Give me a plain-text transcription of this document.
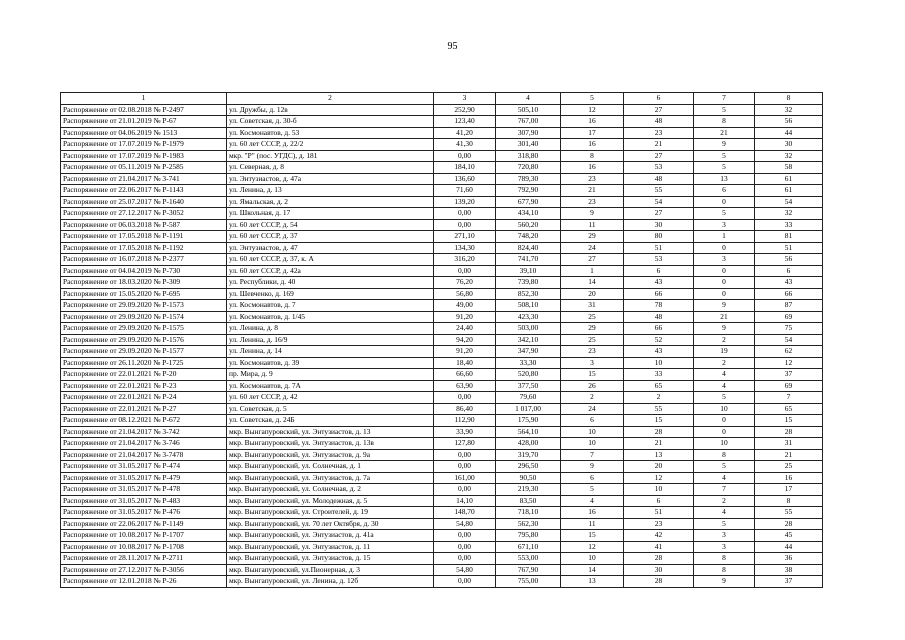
95
1	2	3	4	5	6	7	8
Распоряжение от 02.08.2018 № Р-2497	ул. Дружбы, д. 12в	252,90	505,10	12	27	5	32
Распоряжение от 21.01.2019 № Р-67	ул. Советская, д. 30-б	123,40	767,00	16	48	8	56
Распоряжение от 04.06.2019 № 1513	ул. Космонавтов, д. 53	41,20	307,90	17	23	21	44
Распоряжение от 17.07.2019 № Р-1979	ул. 60 лет СССР, д. 22/2	41,30	301,40	16	21	9	30
Распоряжение от 17.07.2019 № Р-1983	мкр. "Р" (пос. УГДС), д. 181	0,00	318,80	8	27	5	32
Распоряжение от 05.11.2019 № Р-2585	ул. Северная, д. 8	184,10	720,80	16	53	5	58
Распоряжение от 21.04.2017 № 3-741	ул. Энтузиастов, д. 47а	136,60	789,30	23	48	13	61
Распоряжение от 22.06.2017 № Р-1143	ул. Ленина, д. 13	71,60	792,90	21	55	6	61
Распоряжение от 25.07.2017 № Р-1640	ул. Ямальская, д. 2	139,20	677,90	23	54	0	54
Распоряжение от 27.12.2017 № Р-3052	ул. Школьная, д. 17	0,00	434,10	9	27	5	32
Распоряжение от 06.03.2018 № Р-587	ул. 60 лет СССР, д. 54	0,00	560,20	11	30	3	33
Распоряжение от 17.05.2018 № Р-1191	ул. 60 лет СССР, д. 37	271,10	748,20	29	80	1	81
Распоряжение от 17.05.2018 № Р-1192	ул. Энтузиастов, д. 47	134,30	824,40	24	51	0	51
Распоряжение от 16.07.2018 № Р-2377	ул. 60 лет СССР, д. 37, к. А	316,20	741,70	27	53	3	56
Распоряжение от 04.04.2019 № Р-730	ул. 60 лет СССР, д. 42а	0,00	39,10	1	6	0	6
Распоряжение от 18.03.2020 № Р-309	ул. Республики, д. 40	76,20	739,80	14	43	0	43
Распоряжение от 15.05.2020 № Р-695	ул. Шевченко, д. 169	56,80	852,30	20	66	0	66
Распоряжение от 29.09.2020 № Р-1573	ул. Космонавтов, д. 7	49,00	508,10	31	78	9	87
Распоряжение от 29.09.2020 № Р-1574	ул. Космонавтов, д. 1/45	91,20	423,30	25	48	21	69
Распоряжение от 29.09.2020 № Р-1575	ул. Ленина, д. 8	24,40	503,00	29	66	9	75
Распоряжение от 29.09.2020 № Р-1576	ул. Ленина, д. 16/9	94,20	342,10	25	52	2	54
Распоряжение от 29.09.2020 № Р-1577	ул. Ленина, д. 14	91,20	347,90	23	43	19	62
Распоряжение от 26.11.2020 № Р-1725	ул. Космонавтов, д. 39	18,40	33,30	3	10	2	12
Распоряжение от 22.01.2021 № Р-20	пр. Мира, д. 9	66,60	520,80	15	33	4	37
Распоряжение от 22.01.2021 № Р-23	ул. Космонавтов, д. 7А	63,90	377,50	26	65	4	69
Распоряжение от 22.01.2021 № Р-24	ул. 60 лет СССР, д. 42	0,00	79,60	2	2	5	7
Распоряжение от 22.01.2021 № Р-27	ул. Советская, д. 5	86,40	1 017,00	24	55	10	65
Распоряжение от 08.12.2021 № Р-672	ул. Советская, д. 24Б	112,90	175,90	6	15	0	15
Распоряжение от 21.04.2017 № 3-742	мкр. Вынгапуровский, ул. Энтузиастов, д. 13	33,90	564,10	10	28	0	28
Распоряжение от 21.04.2017 № 3-746	мкр. Вынгапуровский, ул. Энтузиастов, д. 13в	127,80	428,00	10	21	10	31
Распоряжение от 21.04.2017 № 3-7478	мкр. Вынгапуровский, ул. Энтузиастов, д. 9а	0,00	319,70	7	13	8	21
Распоряжение от 31.05.2017 № Р-474	мкр. Вынгапуровский, ул. Солнечная, д. 1	0,00	296,50	9	20	5	25
Распоряжение от 31.05.2017 № Р-479	мкр. Вынгапуровский, ул. Энтузиастов, д. 7а	161,00	90,50	6	12	4	16
Распоряжение от 31.05.2017 № Р-478	мкр. Вынгапуровский, ул. Солнечная, д. 2	0,00	219,30	5	10	7	17
Распоряжение от 31.05.2017 № Р-483	мкр. Вынгапуровский, ул. Молодежная, д. 5	14,10	83,50	4	6	2	8
Распоряжение от 31.05.2017 № Р-476	мкр. Вынгапуровский, ул. Строителей, д. 19	148,70	718,10	16	51	4	55
Распоряжение от 22.06.2017 № Р-1149	мкр. Вынгапуровский, ул. 70 лет Октября, д. 30	54,80	562,30	11	23	5	28
Распоряжение от 10.08.2017 № Р-1707	мкр. Вынгапуровский, ул. Энтузиастов, д. 41а	0,00	795,80	15	42	3	45
Распоряжение от 10.08.2017 № Р-1708	мкр. Вынгапуровский, ул. Энтузиастов, д. 11	0,00	671,10	12	41	3	44
Распоряжение от 28.11.2017 № Р-2711	мкр. Вынгапуровский, ул. Энтузиастов, д. 15	0,00	553,00	10	28	8	36
Распоряжение от 27.12.2017 № Р-3056	мкр. Вынгапуровский, ул.Пионерная, д. 3	54,80	767,90	14	30	8	38
Распоряжение от 12.01.2018 № Р-26	мкр. Вынгапуровский, ул. Ленина, д. 12б	0,00	755,00	13	28	9	37
